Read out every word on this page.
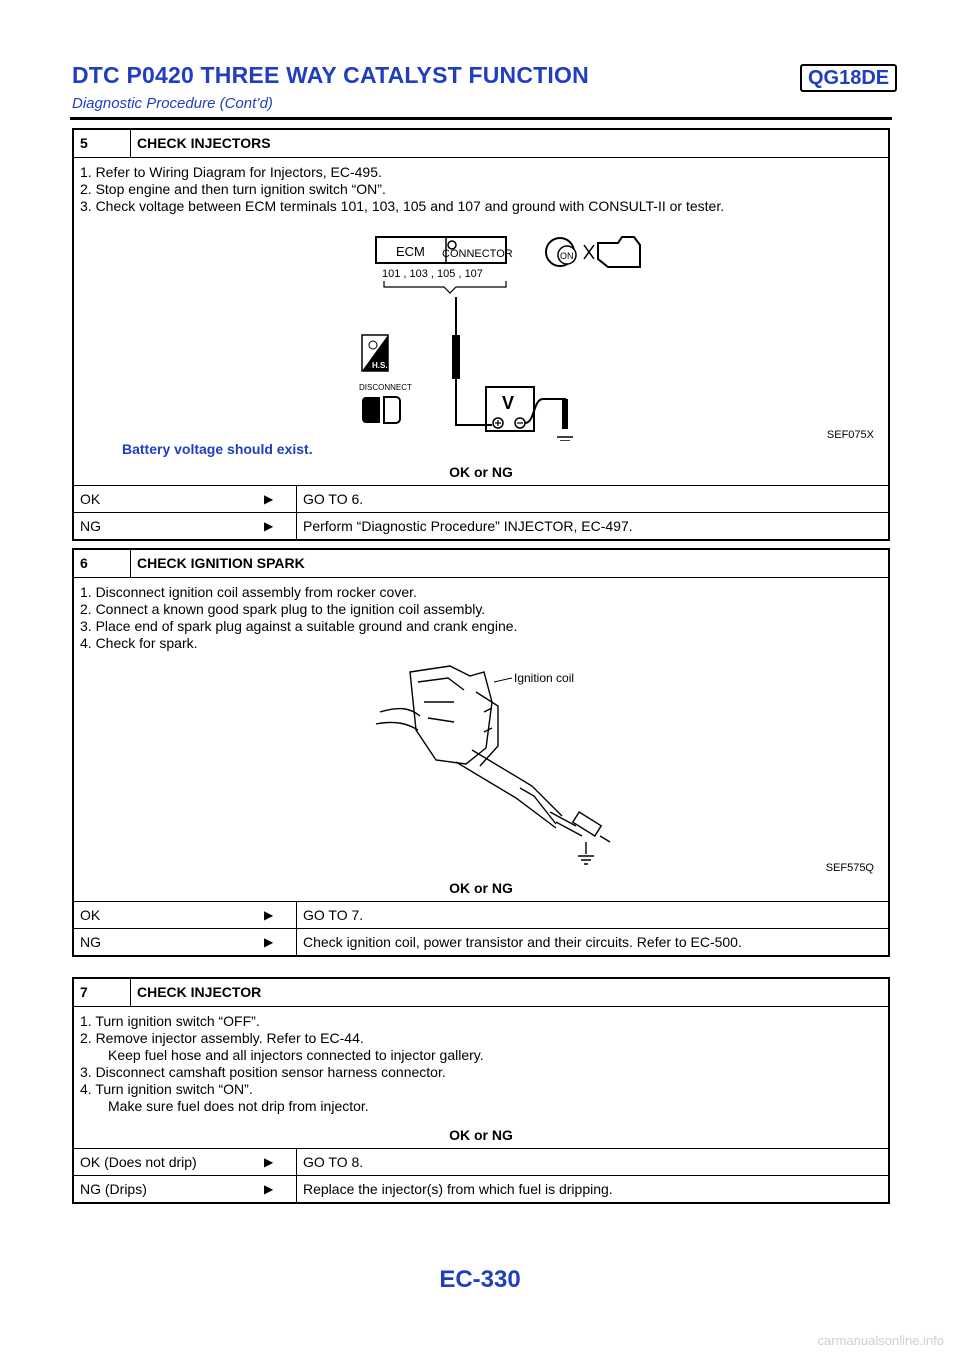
DTC P0420 THREE WAY CATALYST FUNCTION	QG18DE
Diagnostic Procedure (Cont’d)
5	CHECK INJECTORS
1. Refer to Wiring Diagram for Injectors, EC-495.
2. Stop engine and then turn ignition switch “ON”.
3. Check voltage between ECM terminals 101, 103, 105 and 107 and ground with CONSULT-II or tester.
ECM CONNECTOR
101 , 103 , 105 , 107
ON
V
H.S.
DISCONNECT
SEF075X
Battery voltage should exist.
OK or NG
OK	▶	GO TO 6.
NG	▶	Perform “Diagnostic Procedure” INJECTOR, EC-497.
6	CHECK IGNITION SPARK
1. Disconnect ignition coil assembly from rocker cover.
2. Connect a known good spark plug to the ignition coil assembly.
3. Place end of spark plug against a suitable ground and crank engine.
4. Check for spark.
Ignition coil
SEF575Q
OK or NG
OK	▶	GO TO 7.
NG	▶	Check ignition coil, power transistor and their circuits. Refer to EC-500.
7	CHECK INJECTOR
1. Turn ignition switch “OFF”.
2. Remove injector assembly. Refer to EC-44.
Keep fuel hose and all injectors connected to injector gallery.
3. Disconnect camshaft position sensor harness connector.
4. Turn ignition switch “ON”.
Make sure fuel does not drip from injector.
OK or NG
OK (Does not drip)	▶	GO TO 8.
NG (Drips)	▶	Replace the injector(s) from which fuel is dripping.
EC-330
carmanualsonline.info
